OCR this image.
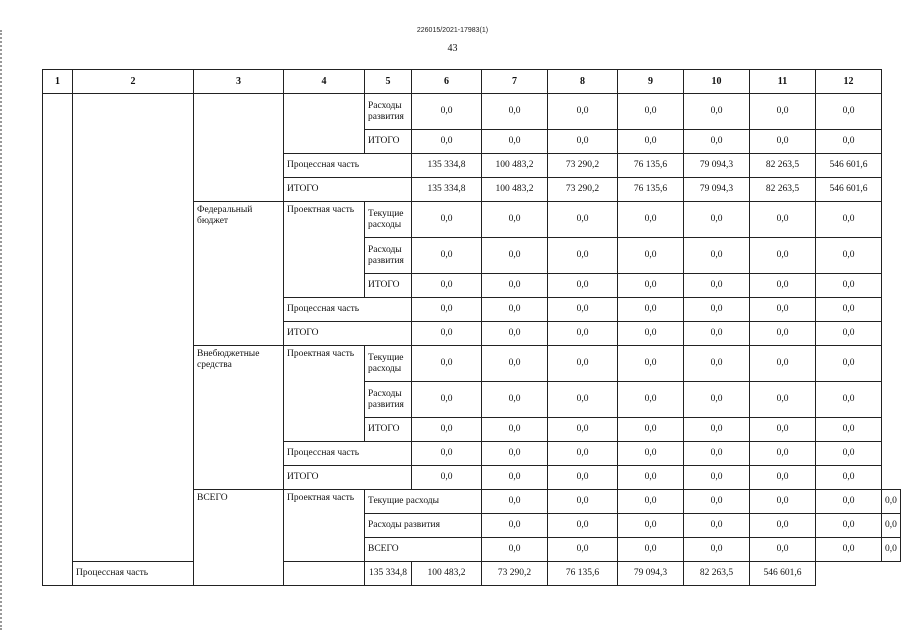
226015/2021-17983(1)
43
1	2	3	4	5	6	7	8	9	10	11	12	
				Расходы развития	0,0	0,0	0,0	0,0	0,0	0,0	0,0	
				ИТОГО	0,0	0,0	0,0	0,0	0,0	0,0	0,0	
			Процессная часть		135 334,8	100 483,2	73 290,2	76 135,6	79 094,3	82 263,5	546 601,6	
			ИТОГО		135 334,8	100 483,2	73 290,2	76 135,6	79 094,3	82 263,5	546 601,6	
		Федеральный бюджет	Проектная часть	Текущие расходы	0,0	0,0	0,0	0,0	0,0	0,0	0,0	
				Расходы развития	0,0	0,0	0,0	0,0	0,0	0,0	0,0	
				ИТОГО	0,0	0,0	0,0	0,0	0,0	0,0	0,0	
			Процессная часть		0,0	0,0	0,0	0,0	0,0	0,0	0,0	
			ИТОГО		0,0	0,0	0,0	0,0	0,0	0,0	0,0	
		Внебюджетные средства	Проектная часть	Текущие расходы	0,0	0,0	0,0	0,0	0,0	0,0	0,0	
				Расходы развития	0,0	0,0	0,0	0,0	0,0	0,0	0,0	
				ИТОГО	0,0	0,0	0,0	0,0	0,0	0,0	0,0	
			Процессная часть		0,0	0,0	0,0	0,0	0,0	0,0	0,0	
			ИТОГО		0,0	0,0	0,0	0,0	0,0	0,0	0,0	
		ВСЕГО	Проектная часть	Текущие расходы		0,0	0,0	0,0	0,0	0,0	0,0	0,0
				Расходы развития		0,0	0,0	0,0	0,0	0,0	0,0	0,0
				ВСЕГО		0,0	0,0	0,0	0,0	0,0	0,0	0,0
	Процессная часть			135 334,8	100 483,2	73 290,2	76 135,6	79 094,3	82 263,5	546 601,6		
